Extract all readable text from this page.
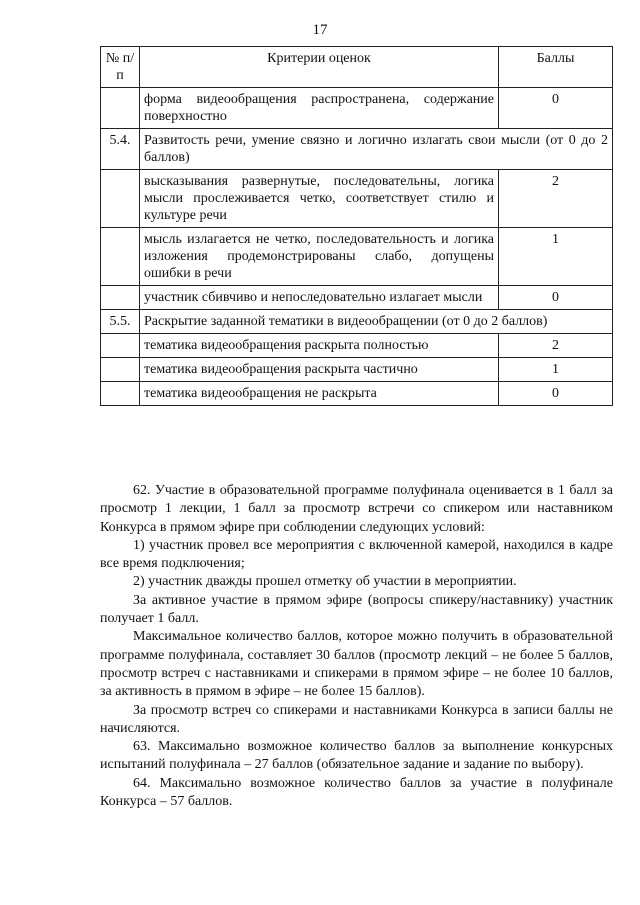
17
№ п/п	Критерии оценок	Баллы
	форма видеообращения распространена, содержание поверхностно	0
5.4.	Развитость речи, умение связно и логично излагать свои мысли (от 0 до 2 баллов)	
	высказывания развернутые, последовательны, логика мысли прослеживается четко, соответствует стилю и культуре речи	2
	мысль излагается не четко, последовательность и логика изложения продемонстрированы слабо, допущены ошибки в речи	1
	участник сбивчиво и непоследовательно излагает мысли	0
5.5.	Раскрытие заданной тематики в видеообращении (от 0 до 2 баллов)	
	тематика видеообращения раскрыта полностью	2
	тематика видеообращения раскрыта частично	1
	тематика видеообращения не раскрыта	0

62. Участие в образовательной программе полуфинала оценивается в 1 балл за просмотр 1 лекции, 1 балл за просмотр встречи со спикером или наставником Конкурса в прямом эфире при соблюдении следующих условий:

1) участник провел все мероприятия с включенной камерой, находился в кадре все время подключения;

2) участник дважды прошел отметку об участии в мероприятии.

За активное участие в прямом эфире (вопросы спикеру/наставнику) участник получает 1 балл.

Максимальное количество баллов, которое можно получить в образовательной программе полуфинала, составляет 30 баллов (просмотр лекций – не более 5 баллов, просмотр встреч с наставниками и спикерами в прямом эфире – не более 10 баллов, за активность в прямом в эфире – не более 15 баллов).

За просмотр встреч со спикерами и наставниками Конкурса в записи баллы не начисляются.

63. Максимально возможное количество баллов за выполнение конкурсных испытаний полуфинала – 27 баллов (обязательное задание и задание по выбору).

64. Максимально возможное количество баллов за участие в полуфинале Конкурса – 57 баллов.
